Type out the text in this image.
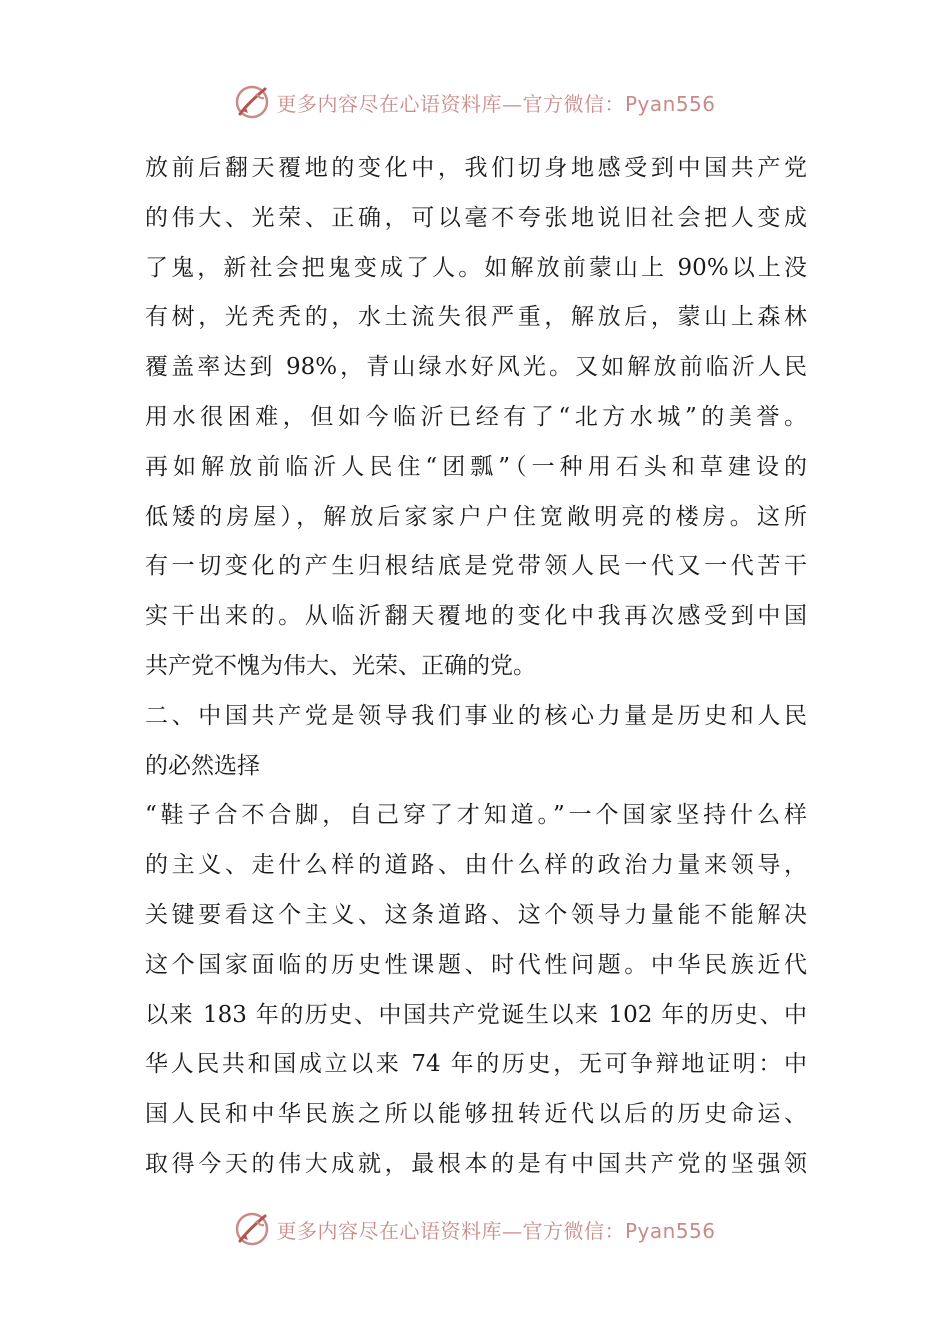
更多内容尽在心语资料库—官方微信：Pyan556
放前后翻天覆地的变化中，我们切身地感受到中国共产党
的伟大、光荣、正确，可以毫不夸张地说旧社会把人变成
了鬼，新社会把鬼变成了人。如解放前蒙山上 90%以上没
有树，光秃秃的，水土流失很严重，解放后，蒙山上森林
覆盖率达到 98%，青山绿水好风光。又如解放前临沂人民
用水很困难，但如今临沂已经有了“北方水城”的美誉。
再如解放前临沂人民住“团瓢”（一种用石头和草建设的
低矮的房屋），解放后家家户户住宽敞明亮的楼房。这所
有一切变化的产生归根结底是党带领人民一代又一代苦干
实干出来的。从临沂翻天覆地的变化中我再次感受到中国
共产党不愧为伟大、光荣、正确的党。
二、中国共产党是领导我们事业的核心力量是历史和人民
的必然选择
“鞋子合不合脚，自己穿了才知道。”一个国家坚持什么样
的主义、走什么样的道路、由什么样的政治力量来领导，
关键要看这个主义、这条道路、这个领导力量能不能解决
这个国家面临的历史性课题、时代性问题。中华民族近代
以来 183 年的历史、中国共产党诞生以来 102 年的历史、中
华人民共和国成立以来 74 年的历史，无可争辩地证明：中
国人民和中华民族之所以能够扭转近代以后的历史命运、
取得今天的伟大成就，最根本的是有中国共产党的坚强领
更多内容尽在心语资料库—官方微信：Pyan556
